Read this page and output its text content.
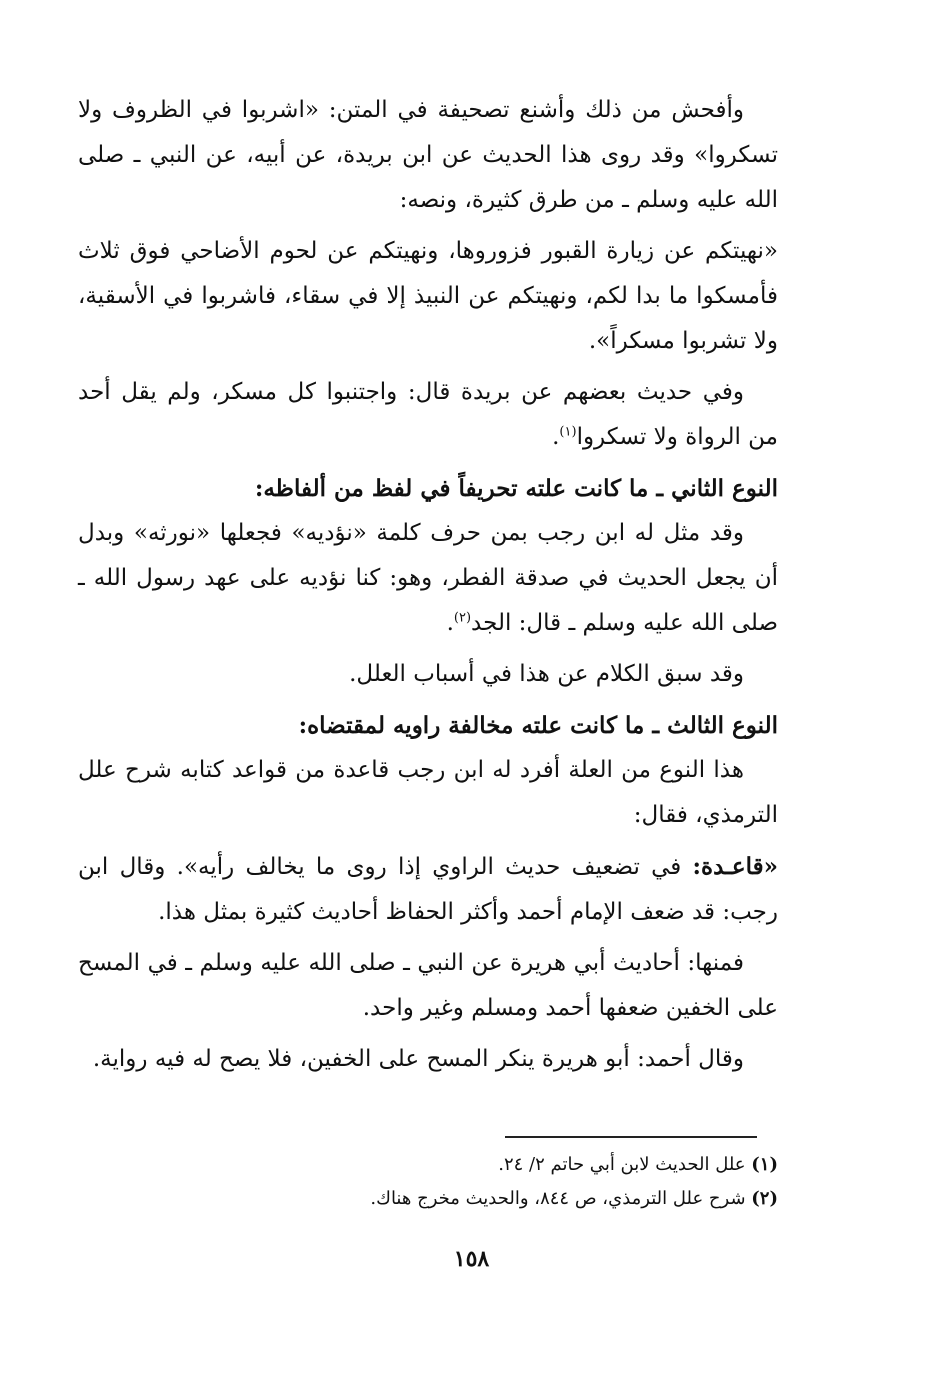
وأفحش من ذلك وأشنع تصحيفة في المتن: «اشربوا في الظروف ولا تسكروا» وقد روى هذا الحديث عن ابن بريدة، عن أبيه، عن النبي ـ صلى الله عليه وسلم ـ من طرق كثيرة، ونصه:

«نهيتكم عن زيارة القبور فزوروها، ونهيتكم عن لحوم الأضاحي فوق ثلاث فأمسكوا ما بدا لكم، ونهيتكم عن النبيذ إلا في سقاء، فاشربوا في الأسقية، ولا تشربوا مسكراً».

وفي حديث بعضهم عن بريدة قال: واجتنبوا كل مسكر، ولم يقل أحد من الرواة ولا تسكروا$^{(١)}$.

النوع الثاني ـ ما كانت علته تحريفاً في لفظ من ألفاظه:

وقد مثل له ابن رجب بمن حرف كلمة «نؤديه» فجعلها «نورثه» وبدل أن يجعل الحديث في صدقة الفطر، وهو: كنا نؤديه على عهد رسول الله ـ صلى الله عليه وسلم ـ قال: الجد$^{(٢)}$.

وقد سبق الكلام عن هذا في أسباب العلل.

النوع الثالث ـ ما كانت علته مخالفة راويه لمقتضاه:

هذا النوع من العلة أفرد له ابن رجب قاعدة من قواعد كتابه شرح علل الترمذي، فقال:

«قاعـدة: في تضعيف حديث الراوي إذا روى ما يخالف رأيه». وقال ابن رجب: قد ضعف الإمام أحمد وأكثر الحفاظ أحاديث كثيرة بمثل هذا.

فمنها: أحاديث أبي هريرة عن النبي ـ صلى الله عليه وسلم ـ في المسح على الخفين ضعفها أحمد ومسلم وغير واحد.

وقال أحمد: أبو هريرة ينكر المسح على الخفين، فلا يصح له فيه رواية.

(١) علل الحديث لابن أبي حاتم ٢/ ٢٤.

(٢) شرح علل الترمذي، ص ٨٤٤، والحديث مخرج هناك.

١٥٨
